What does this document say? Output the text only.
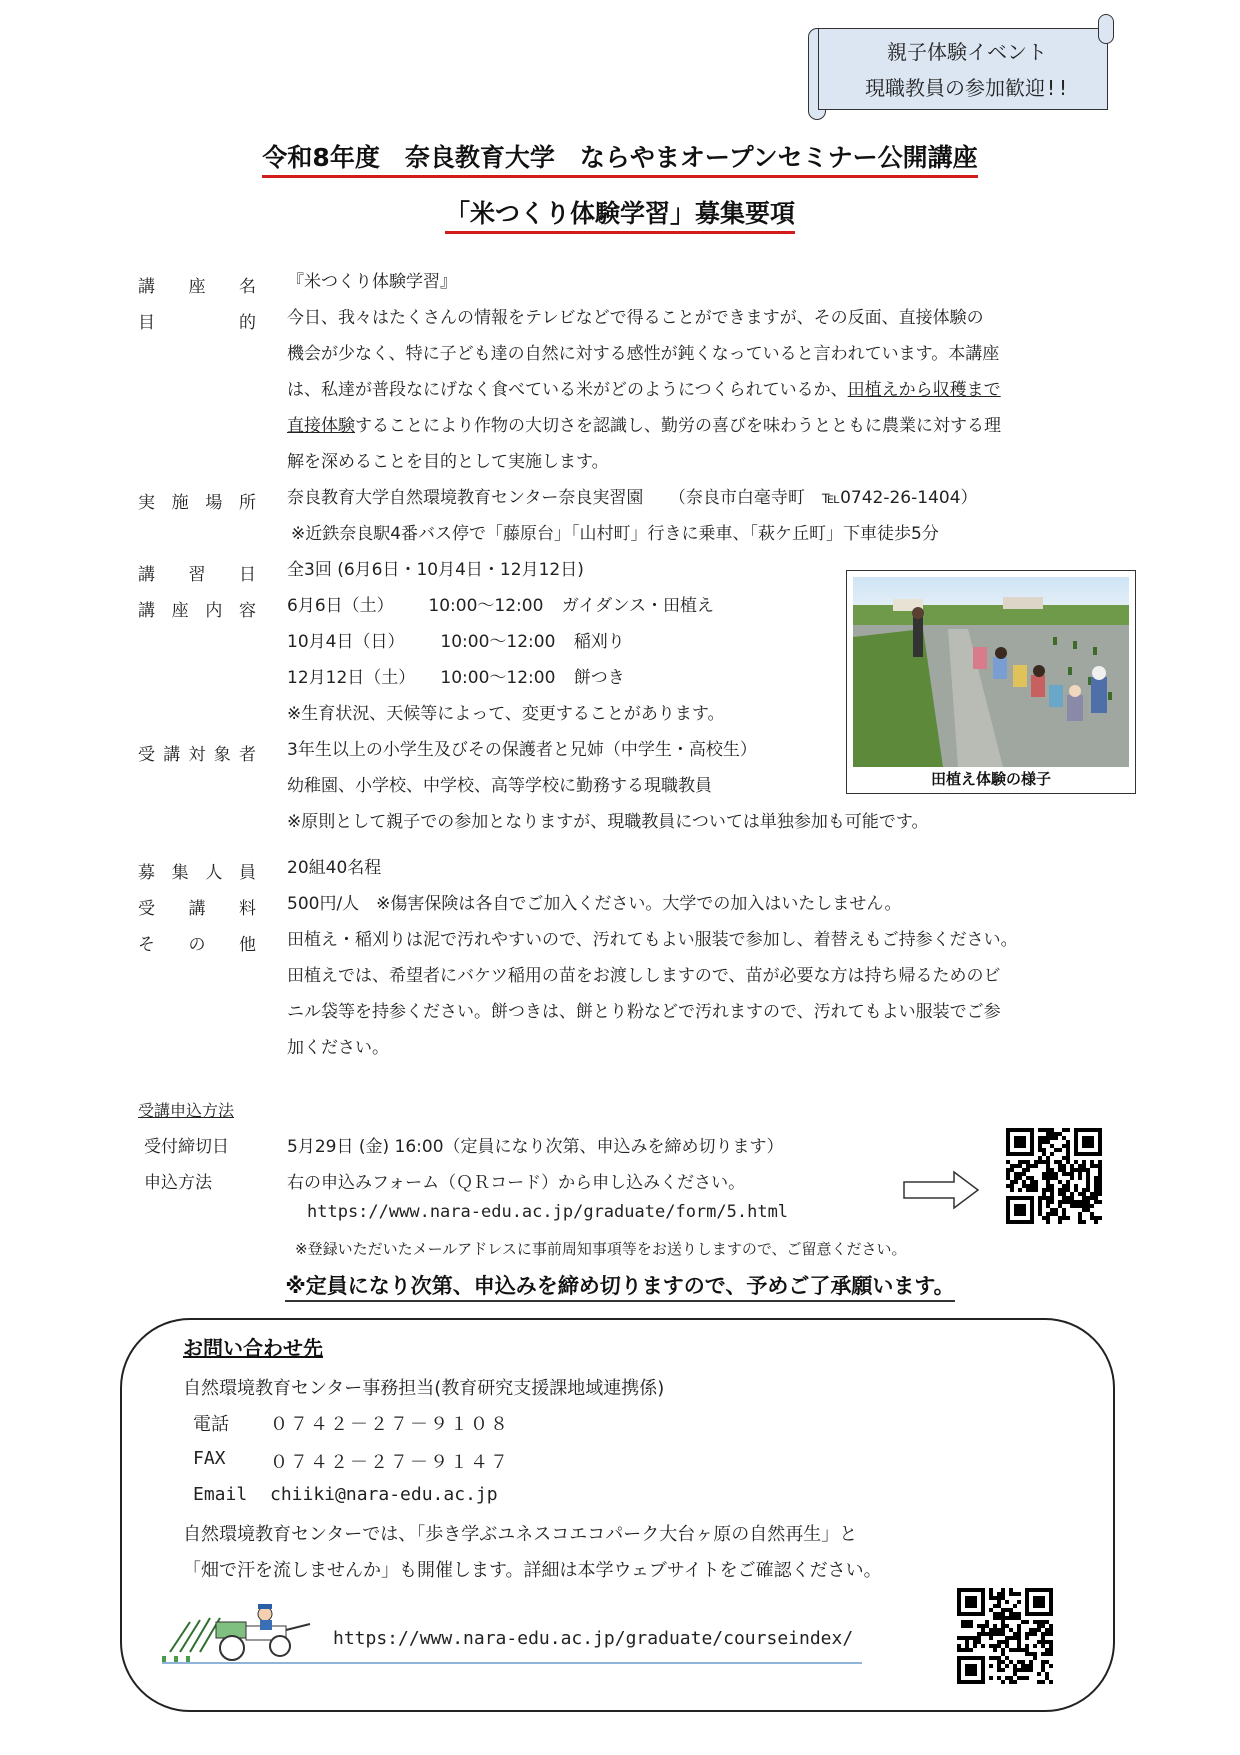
親子体験イベント
現職教員の参加歓迎!!
令和8年度　奈良教育大学　ならやまオープンセミナー公開講座
「米つくり体験学習」募集要項
講 座 名 『米つくり体験学習』
目	的 今日、我々はたくさんの情報をテレビなどで得ることができますが、その反面、直接体験の
機会が少なく、特に子ども達の自然に対する感性が鈍くなっていると言われています。本講座
は、私達が普段なにげなく食べている米がどのようにつくられているか、田植えから収穫まで
直接体験することにより作物の大切さを認識し、勤労の喜びを味わうとともに農業に対する理
解を深めることを目的として実施します。
実 施 場 所 奈良教育大学自然環境教育センター奈良実習園　　（奈良市白毫寺町　℡0742-26-1404）
※近鉄奈良駅4番バス停で「藤原台」「山村町」行きに乗車、「萩ケ丘町」下車徒歩5分
講 習 日 全3回 (6月6日・10月4日・12月12日)
講 座 内 容 6月6日（土） 10:00～12:00 ガイダンス・田植え
10月4日（日） 10:00～12:00 稲刈り
12月12日（土） 10:00～12:00 餅つき
※生育状況、天候等によって、変更することがあります。
受 講 対 象 者 3年生以上の小学生及びその保護者と兄姉（中学生・高校生）
幼稚園、小学校、中学校、高等学校に勤務する現職教員
※原則として親子での参加となりますが、現職教員については単独参加も可能です。
募 集 人 員 20組40名程
受 講 料 500円/人　※傷害保険は各自でご加入ください。大学での加入はいたしません。
そ の 他 田植え・稲刈りは泥で汚れやすいので、汚れてもよい服装で参加し、着替えもご持参ください。
田植えでは、希望者にバケツ稲用の苗をお渡ししますので、苗が必要な方は持ち帰るためのビ
ニル袋等を持参ください。餅つきは、餅とり粉などで汚れますので、汚れてもよい服装でご参
加ください。
田植え体験の様子
受講申込方法
受付締切日	5月29日 (金) 16:00（定員になり次第、申込みを締め切ります）
申込方法	右の申込みフォーム（ＱＲコード）から申し込みください。
https://www.nara-edu.ac.jp/graduate/form/5.html
※登録いただいたメールアドレスに事前周知事項等をお送りしますので、ご留意ください。
※定員になり次第、申込みを締め切りますので、予めご了承願います。
お問い合わせ先
自然環境教育センター事務担当(教育研究支援課地域連携係)
電話 ０７４２－２７－９１０８
FAX ０７４２－２７－９１４７
Email chiiki@nara-edu.ac.jp
自然環境教育センターでは、「歩き学ぶユネスコエコパーク大台ヶ原の自然再生」と
「畑で汗を流しませんか」も開催します。詳細は本学ウェブサイトをご確認ください。
https://www.nara-edu.ac.jp/graduate/courseindex/
